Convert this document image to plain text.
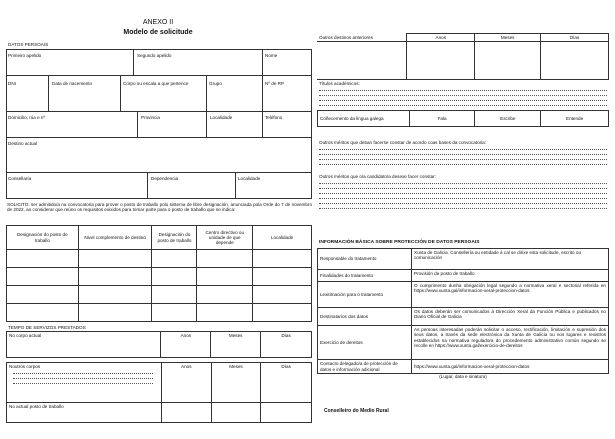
ANEXO II
Modelo de solicitude
DATOS PERSOAIS
Primeiro apelido	Segundo apelido	Nome
DNI	Data de nacemento	Corpo ou escala a que pertence	Grupo	Nº de RP
Domicilio, rúa e nº	Provincia	Localidade	Teléfono
Destino actual
Consellaría	Dependencia	Localidade
SOLICITO: ser admitido/a na convocatoria para prover o posto de traballo polo sistema de libre designación, anunciada pola Orde do 7 de novembro de 2022, ao considerar que reúno os requisitos exixidos para tomar parte para o posto de traballo que se indica:
Designación do posto de traballo	Nivel complemento de destino	Designación do posto de traballo	Centro directivo ou unidade de que depende	Localidade

TEMPO DE SERVIZOS PRESTADOS
No corpo actual	Anos	Meses	Días
Noutros corpos	Anos	Meses	Días
No actual posto de traballo			
Outros destinos anteriores	Anos	Meses	Días

Títulos académicos:
Coñecemento da lingua galega	Fala	Escribe	Entende
Outros méritos que deban facerse constar de acordo coas bases da convocatoria:
Outros méritos que o/a candidato/a desexe facer constar:
INFORMACIÓN BÁSICA SOBRE PROTECCIÓN DE DATOS PERSOAIS
Responsable do tratamento	Xunta de Galicia. Consellería ou entidade á cal se dirixe esta solicitude, escrito ou comunicación
Finalidades do tratamento	Provisión de posto de traballo
Lexitimación para o tratamento	O cumprimento dunha obrigación legal segundo a normativa xeral e sectorial referida en https://www.xunta.gal/informacion-xeral-proteccion-datos
Destinatarios dos datos	Os datos deberán ser comunicados á Dirección Xeral da Función Pública e publicados no Diario Oficial de Galicia
Exercicio de dereitos	As persoas interesadas poderán solicitar o acceso, rectificación, limitación e supresión dos seus datos, a través da sede electrónica da Xunta de Galicia ou nos lugares e rexistros establecidos na normativa reguladora do procedemento administrativo común segundo se recolle en https://www.xunta.gal/exercicio-de-dereitos
Contacto delegado/a de protección de datos e información adicional	https://www.xunta.gal/informacion-xeral-proteccion-datos
(Lugar, data e sinatura)
Conselleiro do Medio Rural
